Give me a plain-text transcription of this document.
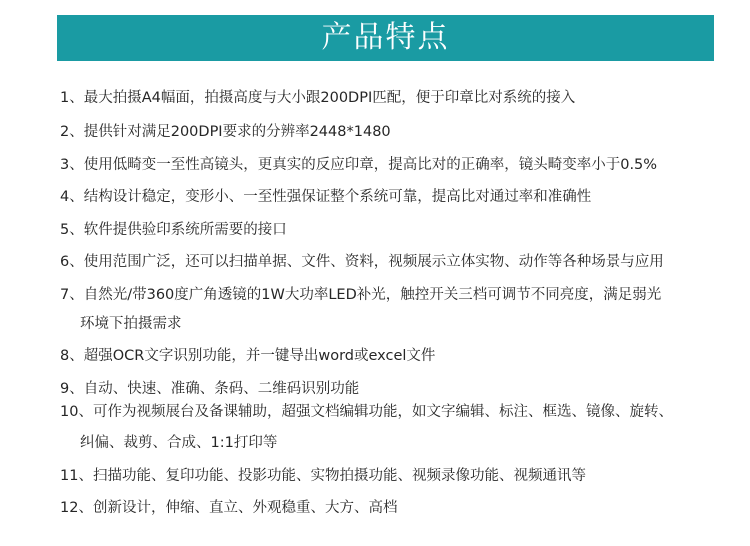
产品特点
1、最大拍摄A4幅面，拍摄高度与大小跟200DPI匹配，便于印章比对系统的接入
2、提供针对满足200DPI要求的分辨率2448*1480
3、使用低畸变一至性高镜头，更真实的反应印章，提高比对的正确率，镜头畸变率小于0.5%
4、结构设计稳定，变形小、一至性强保证整个系统可靠，提高比对通过率和准确性
5、软件提供验印系统所需要的接口
6、使用范围广泛，还可以扫描单据、文件、资料，视频展示立体实物、动作等各种场景与应用
7、自然光/带360度广角透镜的1W大功率LED补光，触控开关三档可调节不同亮度，满足弱光
环境下拍摄需求
8、超强OCR文字识别功能，并一键导出word或excel文件
9、自动、快速、准确、条码、二维码识别功能
10、可作为视频展台及备课辅助，超强文档编辑功能，如文字编辑、标注、框选、镜像、旋转、
纠偏、裁剪、合成、1:1打印等
11、扫描功能、复印功能、投影功能、实物拍摄功能、视频录像功能、视频通讯等
12、创新设计，伸缩、直立、外观稳重、大方、高档
